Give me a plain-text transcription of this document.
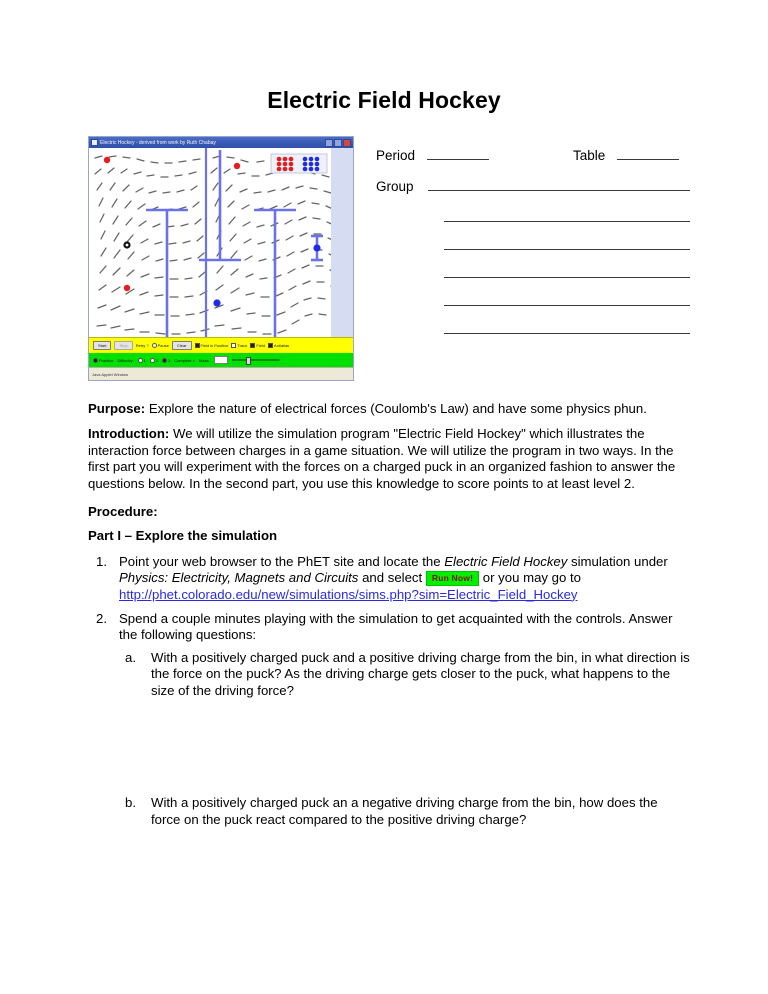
Electric Field Hockey
Electric Hockey - derived from work by Ruth Chabay
Start	Stop	Retry ? Pause	Clear	Field is Positive Trace Field Antialias
Practice Difficulty:	1	2	3 Complete > Mass:
Java Applet Window
Period	Table
Group

Purpose: Explore the nature of electrical forces (Coulomb's Law) and have some physics phun.

Introduction: We will utilize the simulation program "Electric Field Hockey" which illustrates the interaction force between charges in a game situation. We will utilize the program in two ways. In the first part you will experiment with the forces on a charged puck in an organized fashion to answer the questions below. In the second part, you use this knowledge to score points to at least level 2.

Procedure:
Part I – Explore the simulation
1. Point your web browser to the PhET site and locate the Electric Field Hockey simulation under Physics: Electricity, Magnets and Circuits and select Run Now! or you may go to
http://phet.colorado.edu/new/simulations/sims.php?sim=Electric_Field_Hockey
2. Spend a couple minutes playing with the simulation to get acquainted with the controls. Answer the following questions:
a. With a positively charged puck and a positive driving charge from the bin, in what direction is the force on the puck? As the driving charge gets closer to the puck, what happens to the size of the driving force?
b. With a positively charged puck an a negative driving charge from the bin, how does the force on the puck react compared to the positive driving charge?
